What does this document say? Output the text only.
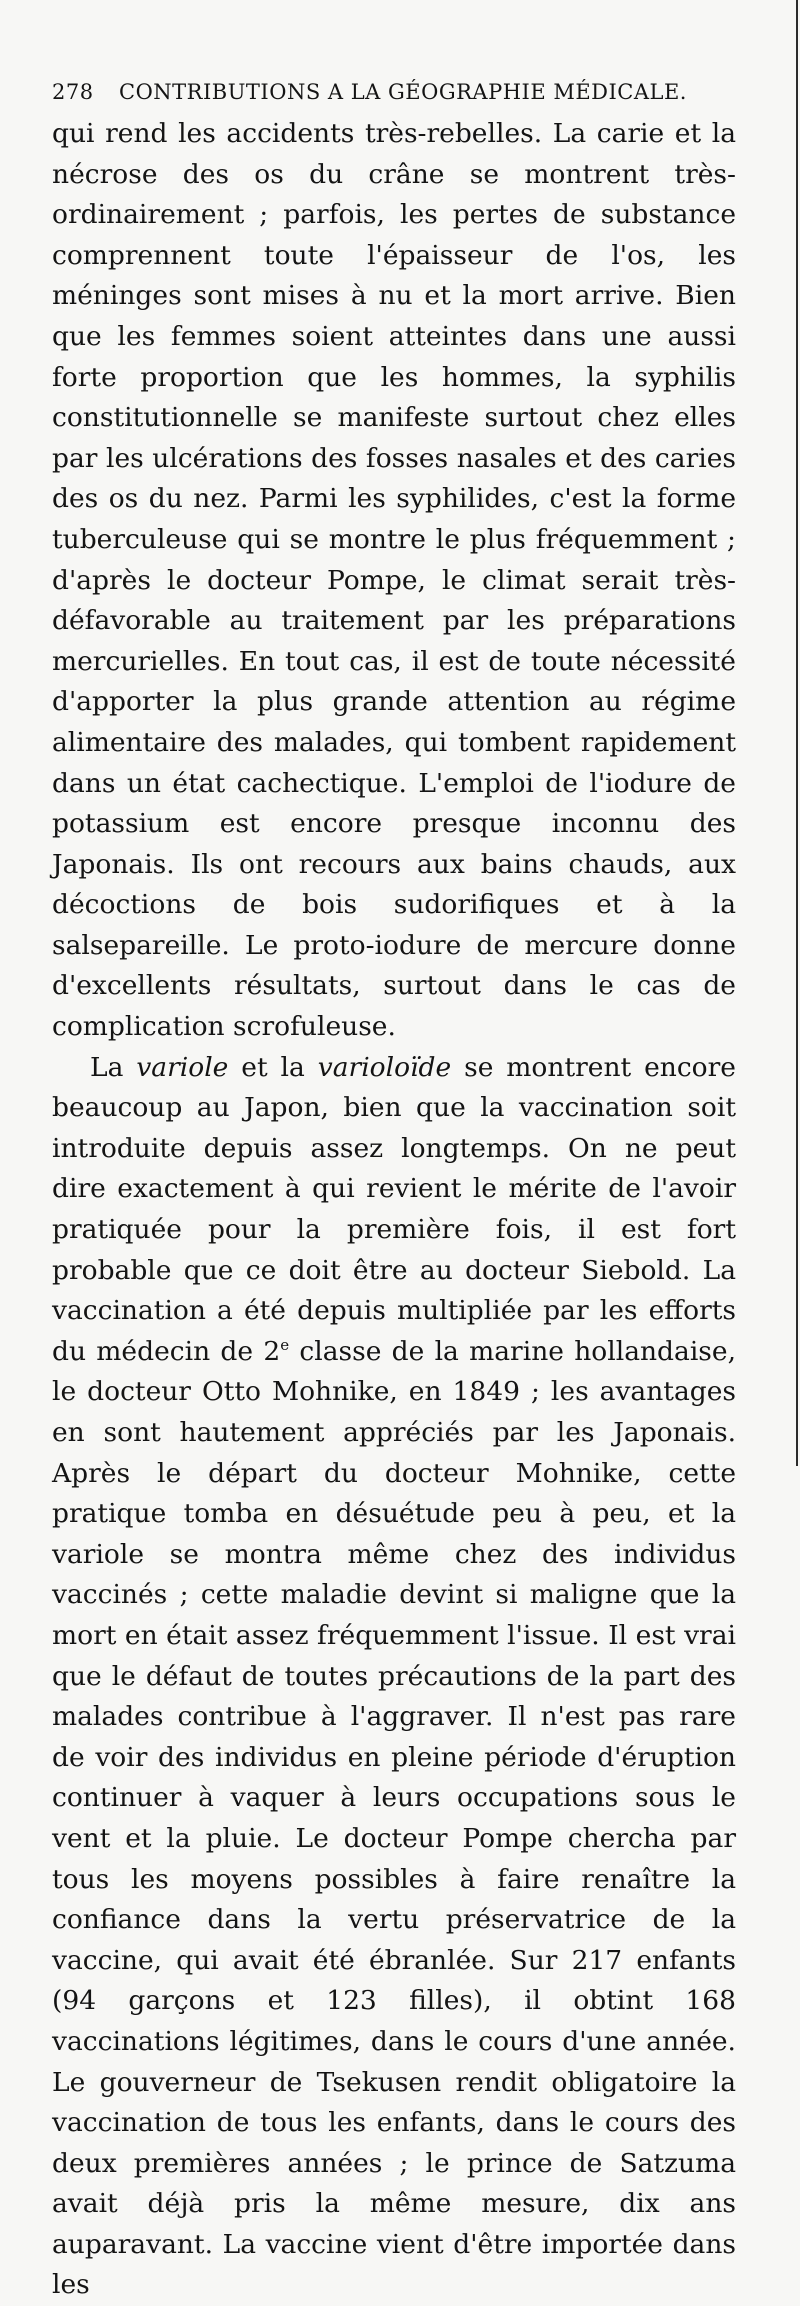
278	CONTRIBUTIONS A LA GÉOGRAPHIE MÉDICALE.

qui rend les accidents très-rebelles. La carie et la nécrose des os du crâne se montrent très-ordinairement ; parfois, les pertes de substance comprennent toute l'épaisseur de l'os, les méninges sont mises à nu et la mort arrive. Bien que les femmes soient atteintes dans une aussi forte proportion que les hommes, la syphilis constitutionnelle se manifeste surtout chez elles par les ulcérations des fosses nasales et des caries des os du nez. Parmi les syphilides, c'est la forme tuberculeuse qui se montre le plus fréquemment ; d'après le docteur Pompe, le climat serait très-défavorable au traitement par les préparations mercurielles. En tout cas, il est de toute nécessité d'apporter la plus grande attention au régime alimentaire des malades, qui tombent rapidement dans un état cachectique. L'emploi de l'iodure de potassium est encore presque inconnu des Japonais. Ils ont recours aux bains chauds, aux décoctions de bois sudorifiques et à la salsepareille. Le proto-iodure de mercure donne d'excellents résultats, surtout dans le cas de complication scrofuleuse.

La variole et la varioloïde se montrent encore beaucoup au Japon, bien que la vaccination soit introduite depuis assez longtemps. On ne peut dire exactement à qui revient le mérite de l'avoir pratiquée pour la première fois, il est fort probable que ce doit être au docteur Siebold. La vaccination a été depuis multipliée par les efforts du médecin de 2e classe de la marine hollandaise, le docteur Otto Mohnike, en 1849 ; les avantages en sont hautement appréciés par les Japonais. Après le départ du docteur Mohnike, cette pratique tomba en désuétude peu à peu, et la variole se montra même chez des individus vaccinés ; cette maladie devint si maligne que la mort en était assez fréquemment l'issue. Il est vrai que le défaut de toutes précautions de la part des malades contribue à l'aggraver. Il n'est pas rare de voir des individus en pleine période d'éruption continuer à vaquer à leurs occupations sous le vent et la pluie. Le docteur Pompe chercha par tous les moyens possibles à faire renaître la confiance dans la vertu préservatrice de la vaccine, qui avait été ébranlée. Sur 217 enfants (94 garçons et 123 filles), il obtint 168 vaccinations légitimes, dans le cours d'une année. Le gouverneur de Tsekusen rendit obligatoire la vaccination de tous les enfants, dans le cours des deux premières années ; le prince de Satzuma avait déjà pris la même mesure, dix ans auparavant. La vaccine vient d'être importée dans les
